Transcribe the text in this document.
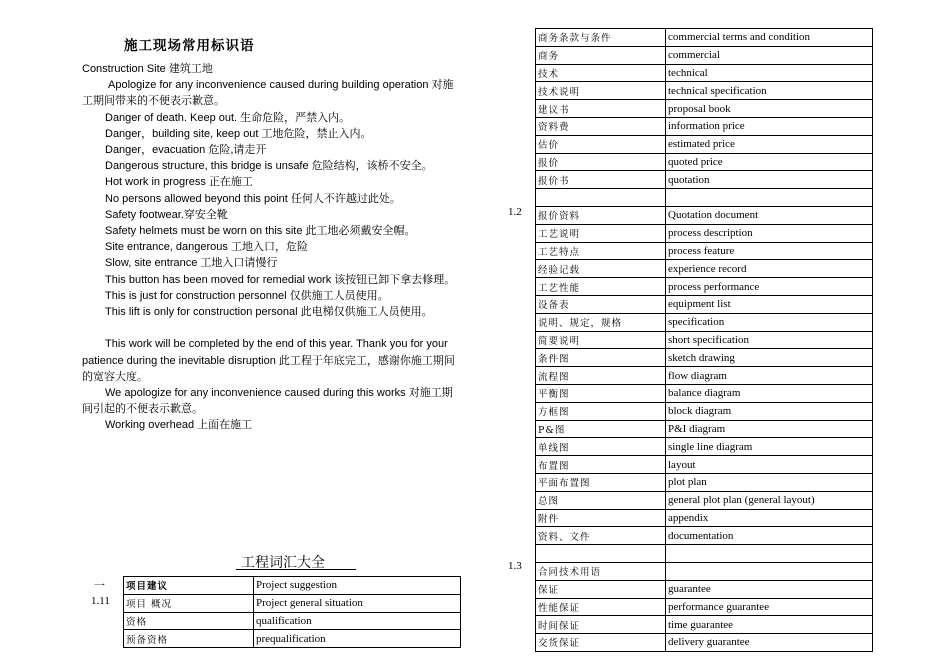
施工现场常用标识语

Construction Site 建筑工地

Apologize for any inconvenience caused during building operation 对施工期间带来的不便表示歉意。

Danger of death. Keep out. 生命危险，严禁入内。

Danger，building site, keep out 工地危险，禁止入内。

Danger，evacuation 危险,请走开

Dangerous structure, this bridge is unsafe 危险结构，该桥不安全。

Hot work in progress 正在施工

No persons allowed beyond this point 任何人不许越过此处。

Safety footwear.穿安全靴

Safety helmets must be worn on this site 此工地必须戴安全帽。

Site entrance, dangerous 工地入口，危险

Slow, site entrance 工地入口请慢行

This button has been moved for remedial work 该按钮已卸下拿去修理。

This is just for construction personnel 仅供施工人员使用。

This lift is only for construction personal 此电梯仅供施工人员使用。

This work will be completed by the end of this year. Thank you for your patience during the inevitable disruption 此工程于年底完工，感谢你施工期间的宽容大度。

We apologize for any inconvenience caused during this works 对施工期间引起的不便表示歉意。

Working overhead 上面在施工

工程词汇大全
一
1.11
项目建议	Project suggestion
项目 概况	Project general situation
资格	qualification
预备资格	prequalification
1.2
1.3
商务条款与条件	commercial terms and condition
商务	commercial
技术	technical
技术说明	technical specification
建议书	proposal book
资料费	information price
估价	estimated price
报价	quoted price
报价书	quotation

报价资料	Quotation document
工艺说明	process description
工艺特点	process feature
经验记载	experience record
工艺性能	process performance
设备表	equipment list
说明、规定，规格	specification
简要说明	short specification
条件图	sketch drawing
流程图	flow diagram
平衡图	balance diagram
方框图	block diagram
P&图	P&I diagram
单线图	single line diagram
布置图	layout
平面布置图	plot plan
总图	general plot plan (general layout)
附件	appendix
资料、文件	documentation

合同技术用语	
保证	guarantee
性能保证	performance guarantee
时间保证	time guarantee
交货保证	delivery guarantee
